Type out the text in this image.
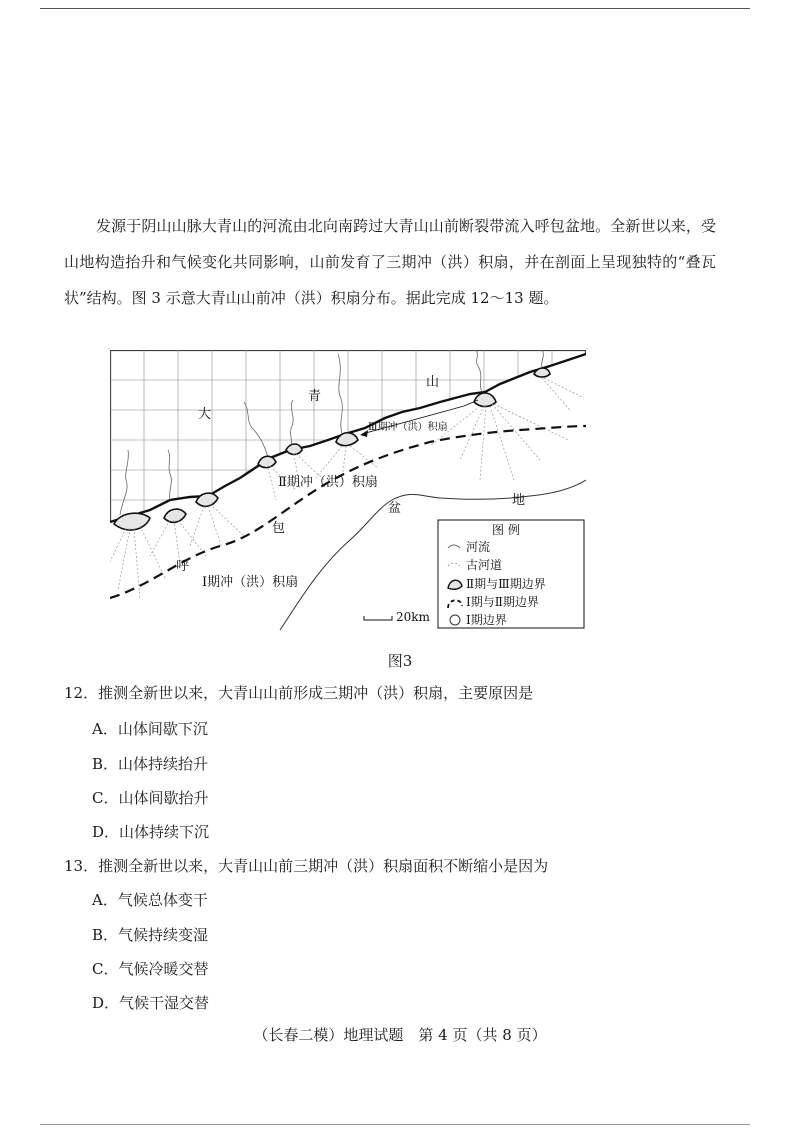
发源于阴山山脉大青山的河流由北向南跨过大青山山前断裂带流入呼包盆地。全新世以来，受山地构造抬升和气候变化共同影响，山前发育了三期冲（洪）积扇，并在剖面上呈现独特的“叠瓦状”结构。图 3 示意大青山山前冲（洪）积扇分布。据此完成 12～13 题。

大
青
山
Ⅲ期冲（洪）积扇
Ⅱ期冲（洪）积扇
Ⅰ期冲（洪）积扇
呼
包
盆
地
图 例
河流
古河道
Ⅱ期与Ⅲ期边界
Ⅰ期与Ⅱ期边界
Ⅰ期边界
20km
图3
12．推测全新世以来，大青山山前形成三期冲（洪）积扇，主要原因是
A．山体间歇下沉
B．山体持续抬升
C．山体间歇抬升
D．山体持续下沉
13．推测全新世以来，大青山山前三期冲（洪）积扇面积不断缩小是因为
A．气候总体变干
B．气候持续变湿
C．气候冷暖交替
D．气候干湿交替
（长春二模）地理试题　第 4 页（共 8 页）
